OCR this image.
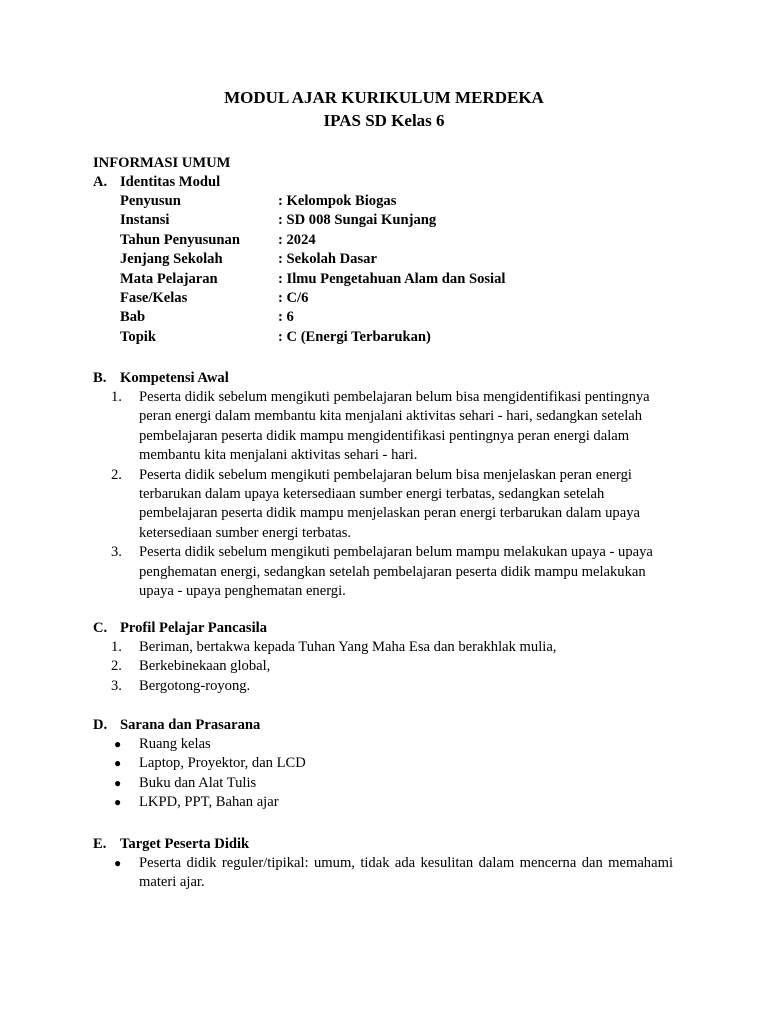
MODUL AJAR KURIKULUM MERDEKA
IPAS SD Kelas 6
INFORMASI UMUM
A. Identitas Modul
Penyusun	: Kelompok Biogas
Instansi	: SD 008 Sungai Kunjang
Tahun Penyusunan	: 2024
Jenjang Sekolah	: Sekolah Dasar
Mata Pelajaran	: Ilmu Pengetahuan Alam dan Sosial
Fase/Kelas	: C/6
Bab	: 6
Topik	: C (Energi Terbarukan)
B. Kompetensi Awal
1.	Peserta didik sebelum mengikuti pembelajaran belum bisa mengidentifikasi pentingnya peran energi dalam membantu kita menjalani aktivitas sehari - hari, sedangkan setelah pembelajaran peserta didik mampu mengidentifikasi pentingnya peran energi dalam membantu kita menjalani aktivitas sehari - hari.
2.	Peserta didik sebelum mengikuti pembelajaran belum bisa menjelaskan peran energi terbarukan dalam upaya ketersediaan sumber energi terbatas, sedangkan setelah pembelajaran peserta didik mampu menjelaskan peran energi terbarukan dalam upaya ketersediaan sumber energi terbatas.
3.	Peserta didik sebelum mengikuti pembelajaran belum mampu melakukan upaya - upaya penghematan energi, sedangkan setelah pembelajaran peserta didik mampu melakukan upaya - upaya penghematan energi.
C. Profil Pelajar Pancasila
1.	Beriman, bertakwa kepada Tuhan Yang Maha Esa dan berakhlak mulia,
2.	Berkebinekaan global,
3.	Bergotong-royong.
D. Sarana dan Prasarana
● Ruang kelas
● Laptop, Proyektor, dan LCD
● Buku dan Alat Tulis
● LKPD, PPT, Bahan ajar
E. Target Peserta Didik
● Peserta didik reguler/tipikal: umum, tidak ada kesulitan dalam mencerna dan memahami materi ajar.
